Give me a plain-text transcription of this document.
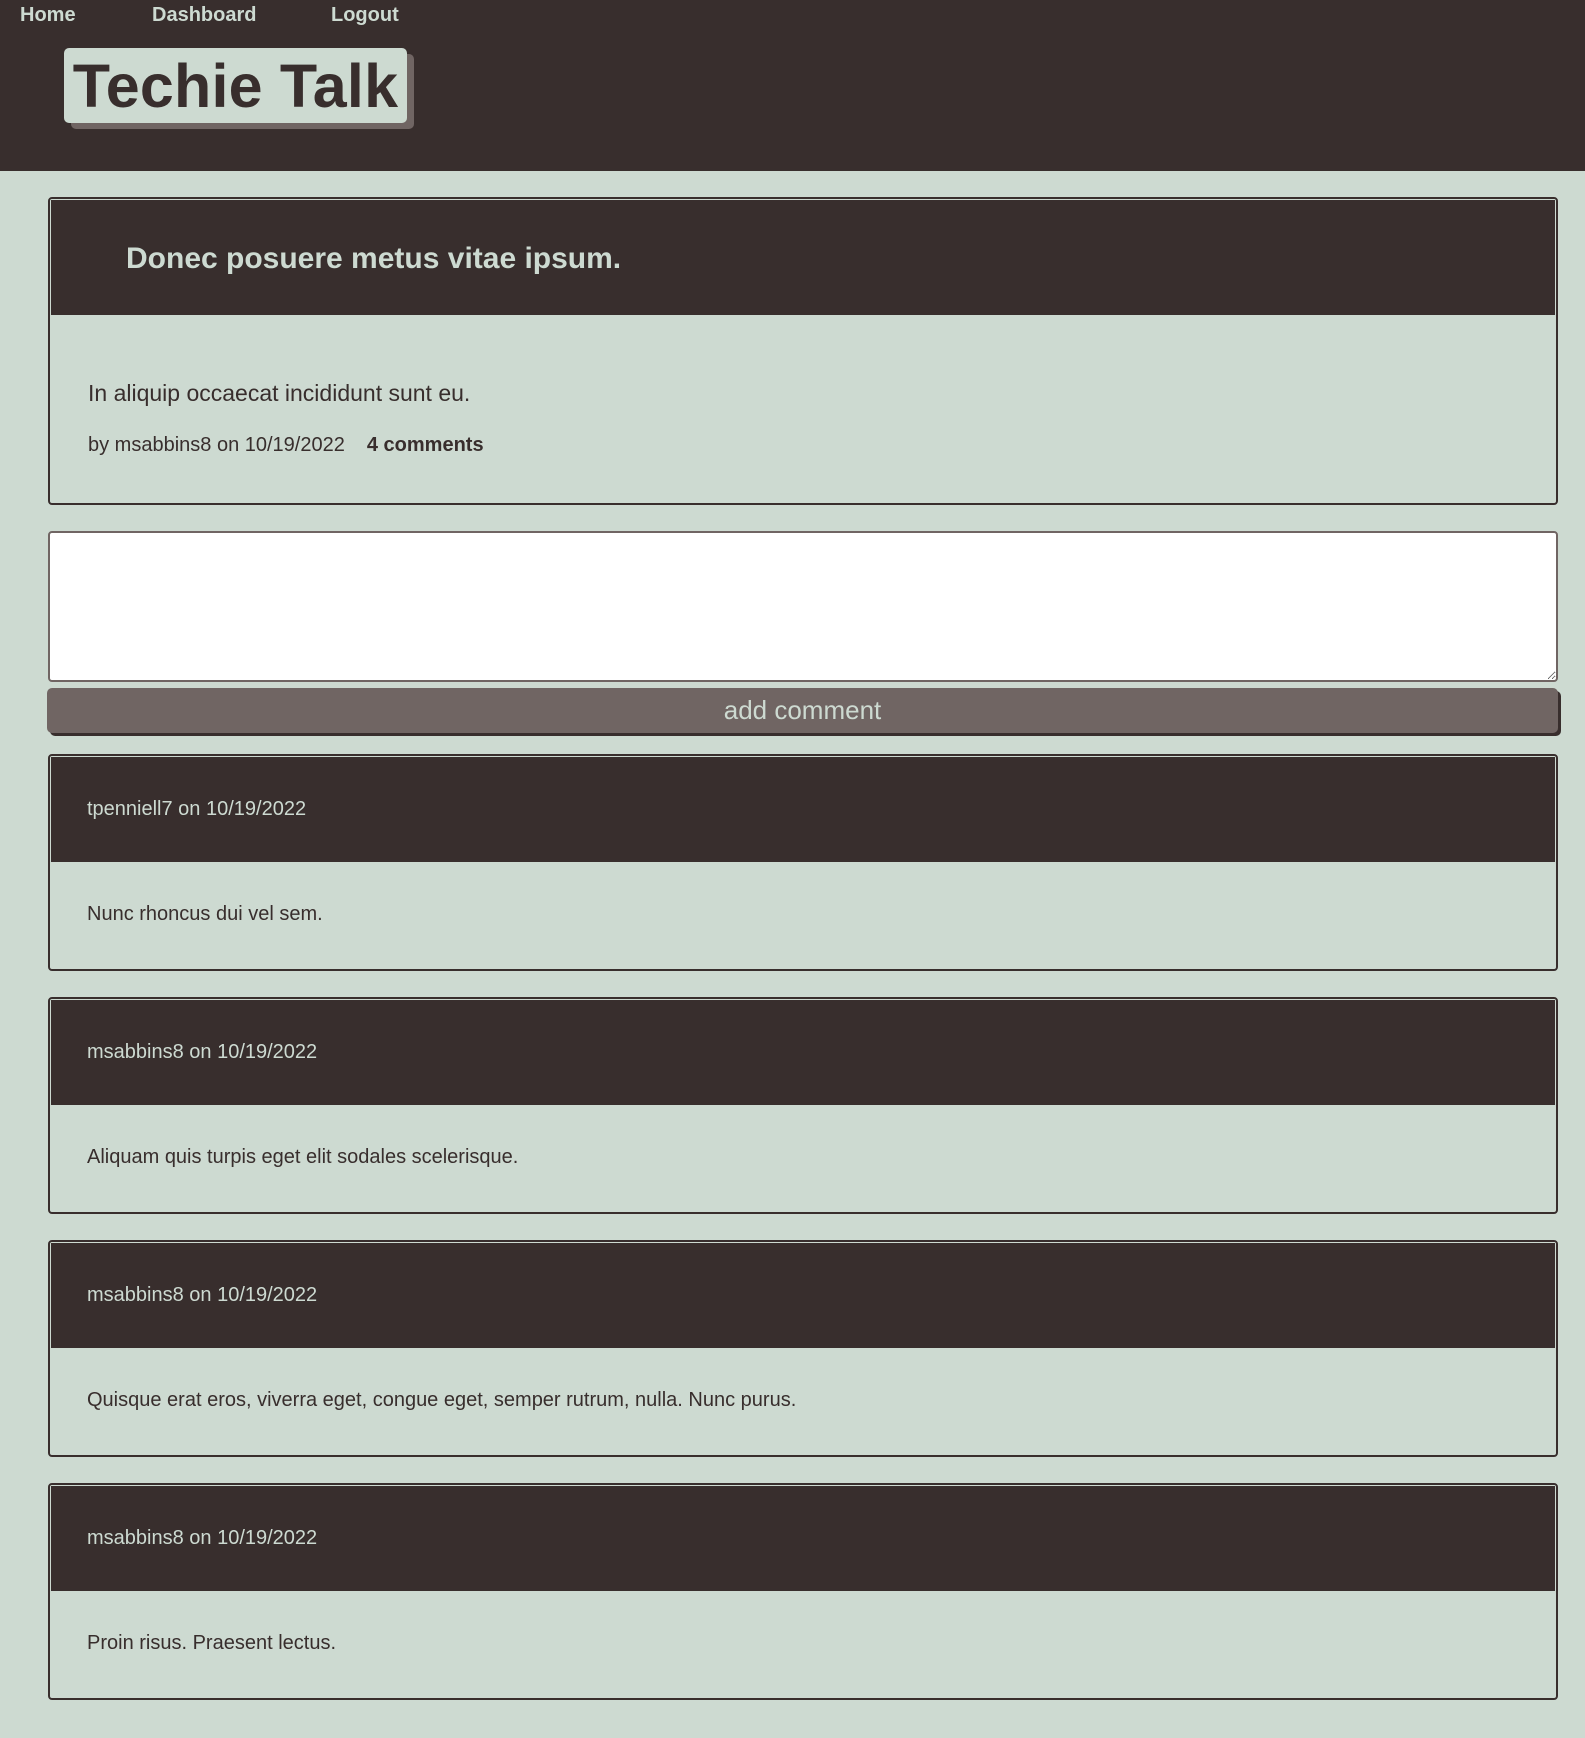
Home	Dashboard	Logout
Techie Talk
Donec posuere metus vitae ipsum.

In aliquip occaecat incididunt sunt eu.

by msabbins8 on 10/19/2022 4 comments

add comment
tpenniell7 on 10/19/2022
Nunc rhoncus dui vel sem.
msabbins8 on 10/19/2022
Aliquam quis turpis eget elit sodales scelerisque.
msabbins8 on 10/19/2022
Quisque erat eros, viverra eget, congue eget, semper rutrum, nulla. Nunc purus.
msabbins8 on 10/19/2022
Proin risus. Praesent lectus.
